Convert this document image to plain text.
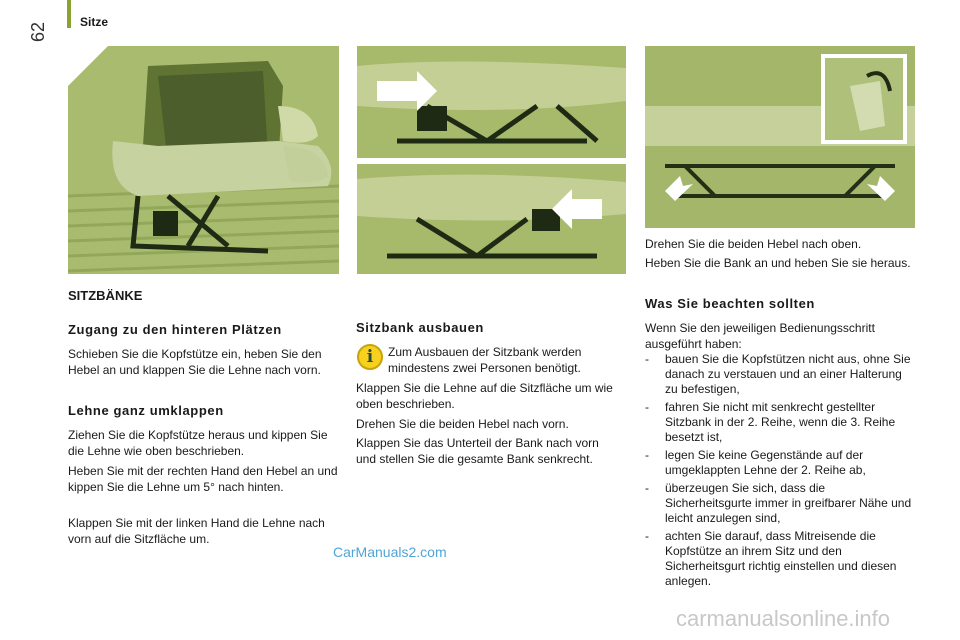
Sitze
62
SITZBÄNKE
Zugang zu den hinteren Plätzen
Schieben Sie die Kopfstütze ein, heben Sie den Hebel an und klappen Sie die Lehne nach vorn.
Lehne ganz umklappen
Ziehen Sie die Kopfstütze heraus und kippen Sie die Lehne wie oben beschrieben.
Heben Sie mit der rechten Hand den Hebel an und kippen Sie die Lehne um 5° nach hinten.
Klappen Sie mit der linken Hand die Lehne nach vorn auf die Sitzfläche um.
Sitzbank ausbauen
i	Zum Ausbauen der Sitzbank werden mindestens zwei Personen benötigt.
Klappen Sie die Lehne auf die Sitzfläche um wie oben beschrieben.
Drehen Sie die beiden Hebel nach vorn.
Klappen Sie das Unterteil der Bank nach vorn und stellen Sie die gesamte Bank senkrecht.
Drehen Sie die beiden Hebel nach oben.
Heben Sie die Bank an und heben Sie sie heraus.
Was Sie beachten sollten
Wenn Sie den jeweiligen Bedienungsschritt ausgeführt haben:
-	bauen Sie die Kopfstützen nicht aus, ohne Sie danach zu verstauen und an einer Halterung zu befestigen,
-	fahren Sie nicht mit senkrecht gestellter Sitzbank in der 2. Reihe, wenn die 3. Reihe besetzt ist,
-	legen Sie keine Gegenstände auf der umgeklappten Lehne der 2. Reihe ab,
-	überzeugen Sie sich, dass die Sicherheitsgurte immer in greifbarer Nähe und leicht anzulegen sind,
-	achten Sie darauf, dass Mitreisende die Kopfstütze an ihrem Sitz und den Sicherheitsgurt richtig einstellen und diesen anlegen.
CarManuals2.com
carmanualsonline.info
